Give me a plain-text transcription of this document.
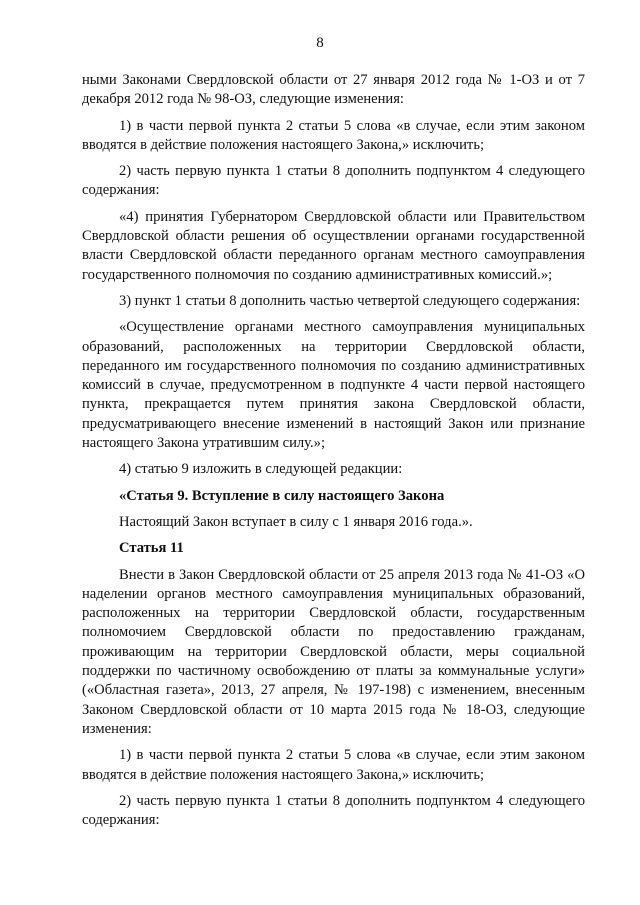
8

ными Законами Свердловской области от 27 января 2012 года № 1-ОЗ и от 7 декабря 2012 года № 98-ОЗ, следующие изменения:

1) в части первой пункта 2 статьи 5 слова «в случае, если этим законом вводятся в действие положения настоящего Закона,» исключить;

2) часть первую пункта 1 статьи 8 дополнить подпунктом 4 следующего содержания:

«4) принятия Губернатором Свердловской области или Правительством Свердловской области решения об осуществлении органами государственной власти Свердловской области переданного органам местного самоуправления государственного полномочия по созданию административных комиссий.»;

3) пункт 1 статьи 8 дополнить частью четвертой следующего содержания:

«Осуществление органами местного самоуправления муниципальных образований, расположенных на территории Свердловской области, переданного им государственного полномочия по созданию административных комиссий в случае, предусмотренном в подпункте 4 части первой настоящего пункта, прекращается путем принятия закона Свердловской области, предусматривающего внесение изменений в настоящий Закон или признание настоящего Закона утратившим силу.»;

4) статью 9 изложить в следующей редакции:

«Статья 9. Вступление в силу настоящего Закона

Настоящий Закон вступает в силу с 1 января 2016 года.».

Статья 11

Внести в Закон Свердловской области от 25 апреля 2013 года № 41-ОЗ «О наделении органов местного самоуправления муниципальных образований, расположенных на территории Свердловской области, государственным полномочием Свердловской области по предоставлению гражданам, проживающим на территории Свердловской области, меры социальной поддержки по частичному освобождению от платы за коммунальные услуги» («Областная газета», 2013, 27 апреля, № 197-198) с изменением, внесенным Законом Свердловской области от 10 марта 2015 года № 18-ОЗ, следующие изменения:

1) в части первой пункта 2 статьи 5 слова «в случае, если этим законом вводятся в действие положения настоящего Закона,» исключить;

2) часть первую пункта 1 статьи 8 дополнить подпунктом 4 следующего содержания:
